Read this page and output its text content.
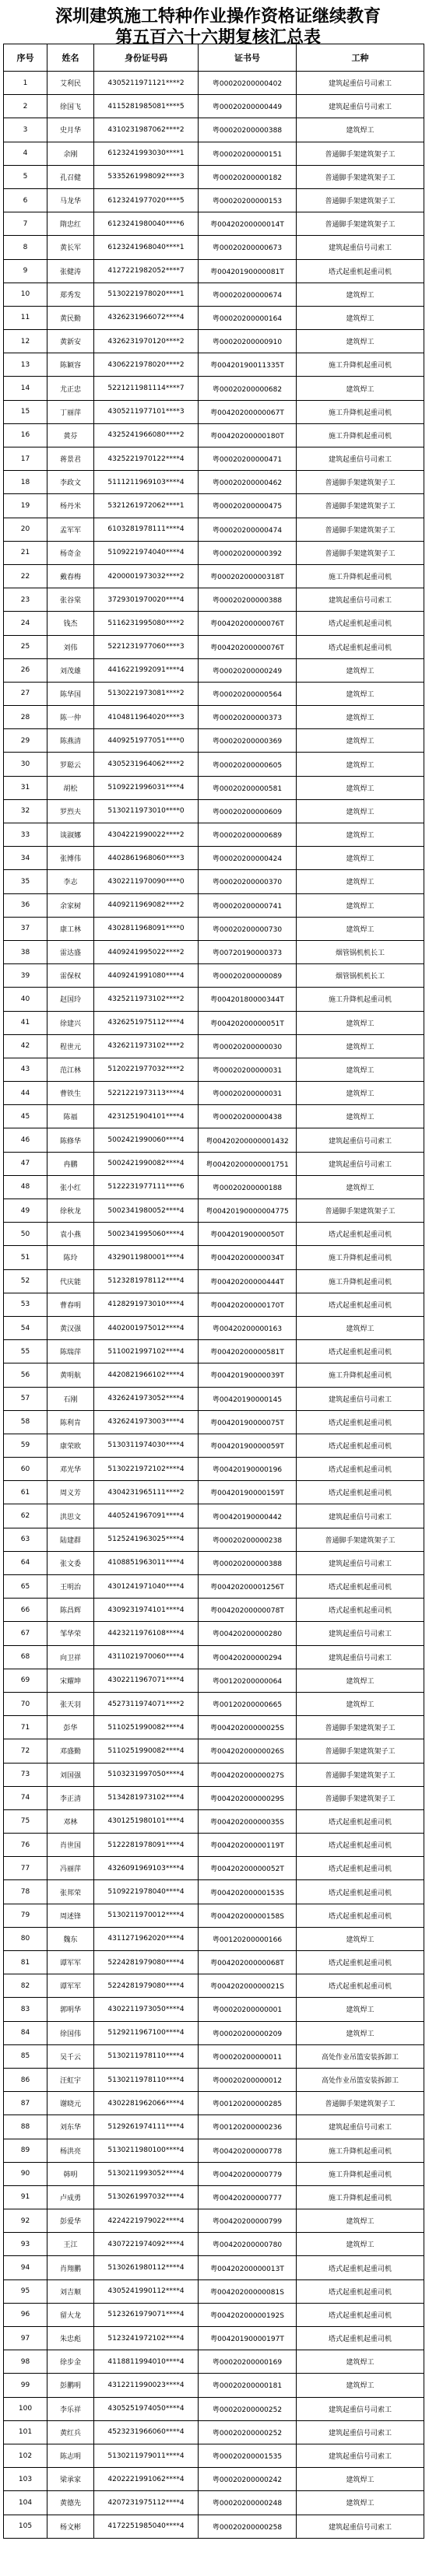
深圳建筑施工特种作业操作资格证继续教育
第五百六十六期复核汇总表
序号	姓名	身份证号码	证书号	工种
1	艾利民	4305211971121****2	粤00020200000402	建筑起重信号司索工
2	徐国飞	4115281985081****5	粤00020200000449	建筑起重信号司索工
3	史月华	4310231987062****2	粤00020200000388	建筑焊工
4	余刚	6123241993030****1	粤00020200000151	普通脚手架建筑架子工
5	孔召健	5335261998092****3	粤00020200000182	普通脚手架建筑架子工
6	马龙华	6123241977020****5	粤00020200000153	普通脚手架建筑架子工
7	隋忠红	6123241980040****6	粤00420200000014T	普通脚手架建筑架子工
8	黄长军	6123241968040****1	粤00020200000673	建筑起重信号司索工
9	张健涛	4127221982052****7	粤00420190000081T	塔式起重机起重司机
10	郑秀发	5130221978020****1	粤00020200000674	建筑焊工
11	黄民勤	4326231966072****4	粤00020200000164	建筑焊工
12	黄新安	4326231970120****2	粤00020200000910	建筑焊工
13	陈颖容	4306221978020****2	粤00420190011335T	施工升降机起重司机
14	尤正忠	5221211981114****7	粤00020200000682	建筑焊工
15	丁丽萍	4305211977101****3	粤00420200000067T	施工升降机起重司机
16	黄芬	4325241966080****2	粤00420200000180T	施工升降机起重司机
17	蒋景君	4325221970122****4	粤00020200000471	建筑起重信号司索工
18	李政文	5111211969103****4	粤00020200000462	普通脚手架建筑架子工
19	杨丹米	5321261972062****1	粤00020200000475	普通脚手架建筑架子工
20	孟军军	6103281978111****4	粤00020200000474	普通脚手架建筑架子工
21	杨奇金	5109221974040****4	粤00020200000392	普通脚手架建筑架子工
22	戴春梅	4200001973032****2	粤00020200000318T	施工升降机起重司机
23	张谷棠	3729301970020****4	粤00020200000388	建筑起重信号司索工
24	钱杰	5116231995080****2	粤00420200000076T	塔式起重机起重司机
25	刘伟	5221231977060****3	粤00420200000076T	塔式起重机起重司机
26	刘茂雄	4416221992091****4	粤00020200000249	建筑焊工
27	陈华国	5130221973081****2	粤00020200000564	建筑焊工
28	陈一仲	4104811964020****3	粤00020200000373	建筑焊工
29	陈燕清	4409251977051****0	粤00020200000369	建筑焊工
30	罗聪云	4305231964062****2	粤00020200000605	建筑焊工
31	胡松	5109221996031****4	粤00020200000581	建筑焊工
32	罗烈夫	5130211973010****0	粤00020200000609	建筑焊工
33	谈淑娜	4304221990022****2	粤00020200000689	建筑焊工
34	张博伟	4402861968060****3	粤00020200000424	建筑焊工
35	李志	4302211970090****0	粤00020200000370	建筑焊工
36	余家树	4409211969082****2	粤00020200000741	建筑焊工
37	康工林	4302811968091****0	粤00020200000730	建筑焊工
38	雷达盛	4409241995022****2	粤00720190000373	烟管锅机机长工
39	雷保权	4409241991080****4	粤00020200000089	烟管锅机机长工
40	赵国玲	4325211973102****2	粤00420180000344T	施工升降机起重司机
41	徐建兴	4326251975112****4	粤00420200000051T	建筑焊工
42	程世元	4326211973102****2	粤00020200000030	建筑焊工
43	范江林	5120221977032****2	粤00020200000031	建筑焊工
44	曹铁生	5221221973113****4	粤00020200000031	建筑焊工
45	陈福	4231251904101****4	粤00020200000438	建筑焊工
46	陈修华	5002421990060****4	粤00420200000001432	建筑起重信号司索工
47	冉鹏	5002421990082****4	粤00420200000001751	建筑起重信号司索工
48	张小红	5122231977111****6	粤00020200000188	建筑焊工
49	徐秋龙	5002341980052****4	粤00420190000004775	普通脚手架建筑架子工
50	袁小燕	5002341995060****4	粤00420190000050T	塔式起重机起重司机
51	陈玲	4329011980001****4	粤00420200000034T	施工升降机起重司机
52	代庆能	5123281978112****4	粤00420200000444T	施工升降机起重司机
53	曹春明	4128291973010****4	粤00420200000170T	塔式起重机起重司机
54	黄汉强	4402001975012****4	粤00420200000163	建筑焊工
55	陈瑞萍	5110021997102****4	粤00420200000581T	塔式起重机起重司机
56	黄明航	4420821966102****4	粤00420190000039T	施工升降机起重司机
57	石刚	4326241973052****4	粤00420190000145	建筑起重信号司索工
58	陈利肯	4326241973003****4	粤00420190000075T	塔式起重机起重司机
59	康荣欧	5130311974030****4	粤00420190000059T	塔式起重机起重司机
60	邓光华	5130221972102****4	粤00420190000196	塔式起重机起重司机
61	周义芳	4304231965111****2	粤00420190000159T	塔式起重机起重司机
62	洪思文	4405241967091****4	粤00420190000442	建筑起重信号司索工
63	陆建群	5125241963025****4	粤00020200000238	普通脚手架建筑架子工
64	张文委	4108851963011****4	粤00020200000388	建筑起重信号司索工
65	王明治	4301241971040****4	粤00420200001256T	塔式起重机起重司机
66	陈昌辉	4309231974101****4	粤00420200000078T	塔式起重机起重司机
67	邹华荣	4423211976108****4	粤00420200000280	建筑起重信号司索工
68	向卫祥	4311021970060****4	粤00420200000294	建筑起重信号司索工
69	宋耀坤	4302211967071****4	粤00120200000064	建筑焊工
70	张天羽	4527311974071****2	粤00120200000665	建筑焊工
71	彭华	5110251990082****4	粤00420200000025S	普通脚手架建筑架子工
72	邓盛勤	5110251990082****4	粤00420200000026S	普通脚手架建筑架子工
73	刘国强	5103231997050****4	粤00420200000027S	普通脚手架建筑架子工
74	李正清	5134281973102****4	粤00420200000029S	普通脚手架建筑架子工
75	邓林	4301251980101****4	粤00420200000035S	塔式起重机起重司机
76	肖世国	5122281978091****4	粤00420200000119T	塔式起重机起重司机
77	冯丽萍	4326091969103****4	粤00420200000052T	塔式起重机起重司机
78	张邦荣	5109221978040****4	粤00420200000153S	塔式起重机起重司机
79	周述锋	5130211970012****4	粤00420200000158S	塔式起重机起重司机
80	魏东	4311271962020****4	粤00120200000166	建筑焊工
81	谭军军	5224281979080****4	粤00420200000068T	塔式起重机起重司机
82	谭军军	5224281979080****4	粤00420200000021S	塔式起重机起重司机
83	郭明华	4302211973050****4	粤00020200000001	建筑焊工
84	徐国伟	5129211967100****4	粤00020200000209	建筑焊工
85	吴千云	5130211978110****4	粤00020200000011	高处作业吊篮安装拆卸工
86	汪虹宇	5130211978110****4	粤00020200000012	高处作业吊篮安装拆卸工
87	谢晓元	4302281962066****4	粤00120200000285	普通脚手架建筑架子工
88	刘东华	5129261974111****4	粤00120200000236	建筑起重信号司索工
89	杨洪亮	5130211980100****4	粤00420200000778	施工升降机起重司机
90	韩明	5130211993052****4	粤00420200000779	施工升降机起重司机
91	卢成勇	5130261997032****4	粤00420200000777	施工升降机起重司机
92	彭爱华	4224221979022****4	粤00420200000799	建筑焊工
93	王江	4307221974092****4	粤00420200000780	建筑焊工
94	肖翔鹏	5130261980112****4	粤00420200000013T	塔式起重机起重司机
95	刘吉顺	4305241990112****4	粤00420200000081S	塔式起重机起重司机
96	留大龙	5123261979071****4	粤00420200000192S	塔式起重机起重司机
97	朱忠彪	5123241972102****4	粤00420190000197T	塔式起重机起重司机
98	徐步金	4118811994010****4	粤00020200000169	建筑焊工
99	彭鹏明	4312211990023****4	粤00020200000181	建筑焊工
100	李乐祥	4305251974050****4	粤00020200000252	建筑起重信号司索工
101	黄红兵	4523231966060****4	粤00020200000252	建筑起重信号司索工
102	陈志明	5130211979011****4	粤00020200001535	建筑起重信号司索工
103	梁承家	4202221991062****4	粤00020200000242	建筑焊工
104	黄德先	4207231975112****4	粤00020200000248	建筑焊工
105	杨文彬	4172251985040****4	粤00020200000258	建筑起重信号司索工
